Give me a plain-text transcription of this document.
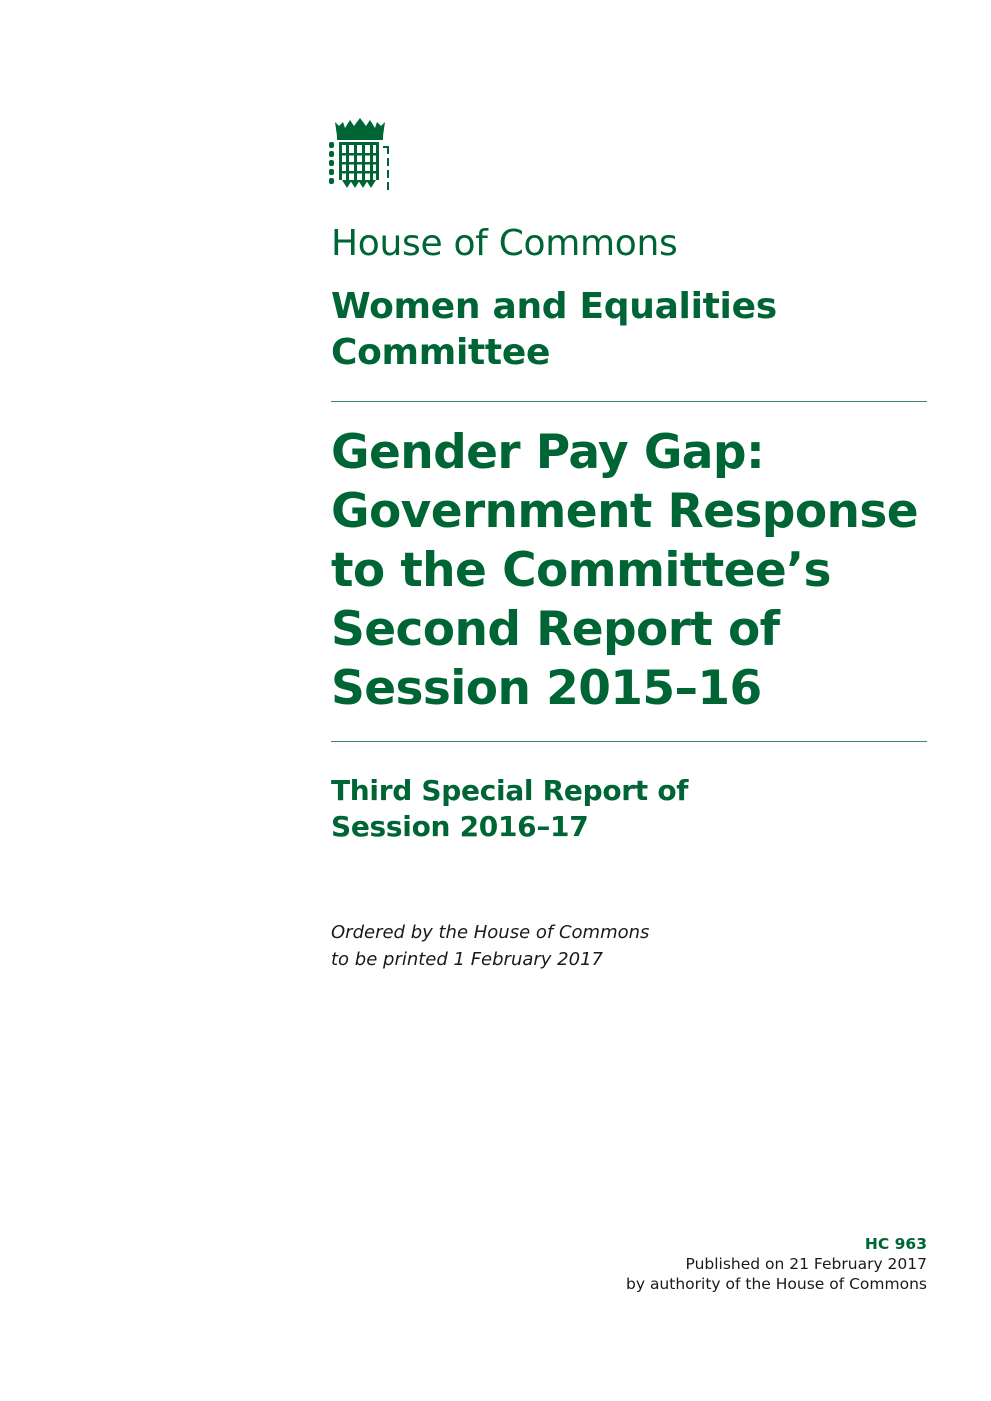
House of Commons
Women and Equalities
Committee
Gender Pay Gap:
Government Response
to the Committee’s
Second Report of
Session 2015–16
Third Special Report of
Session 2016–17

Ordered by the House of Commons
to be printed 1 February 2017

HC 963
Published on 21 February 2017
by authority of the House of Commons
